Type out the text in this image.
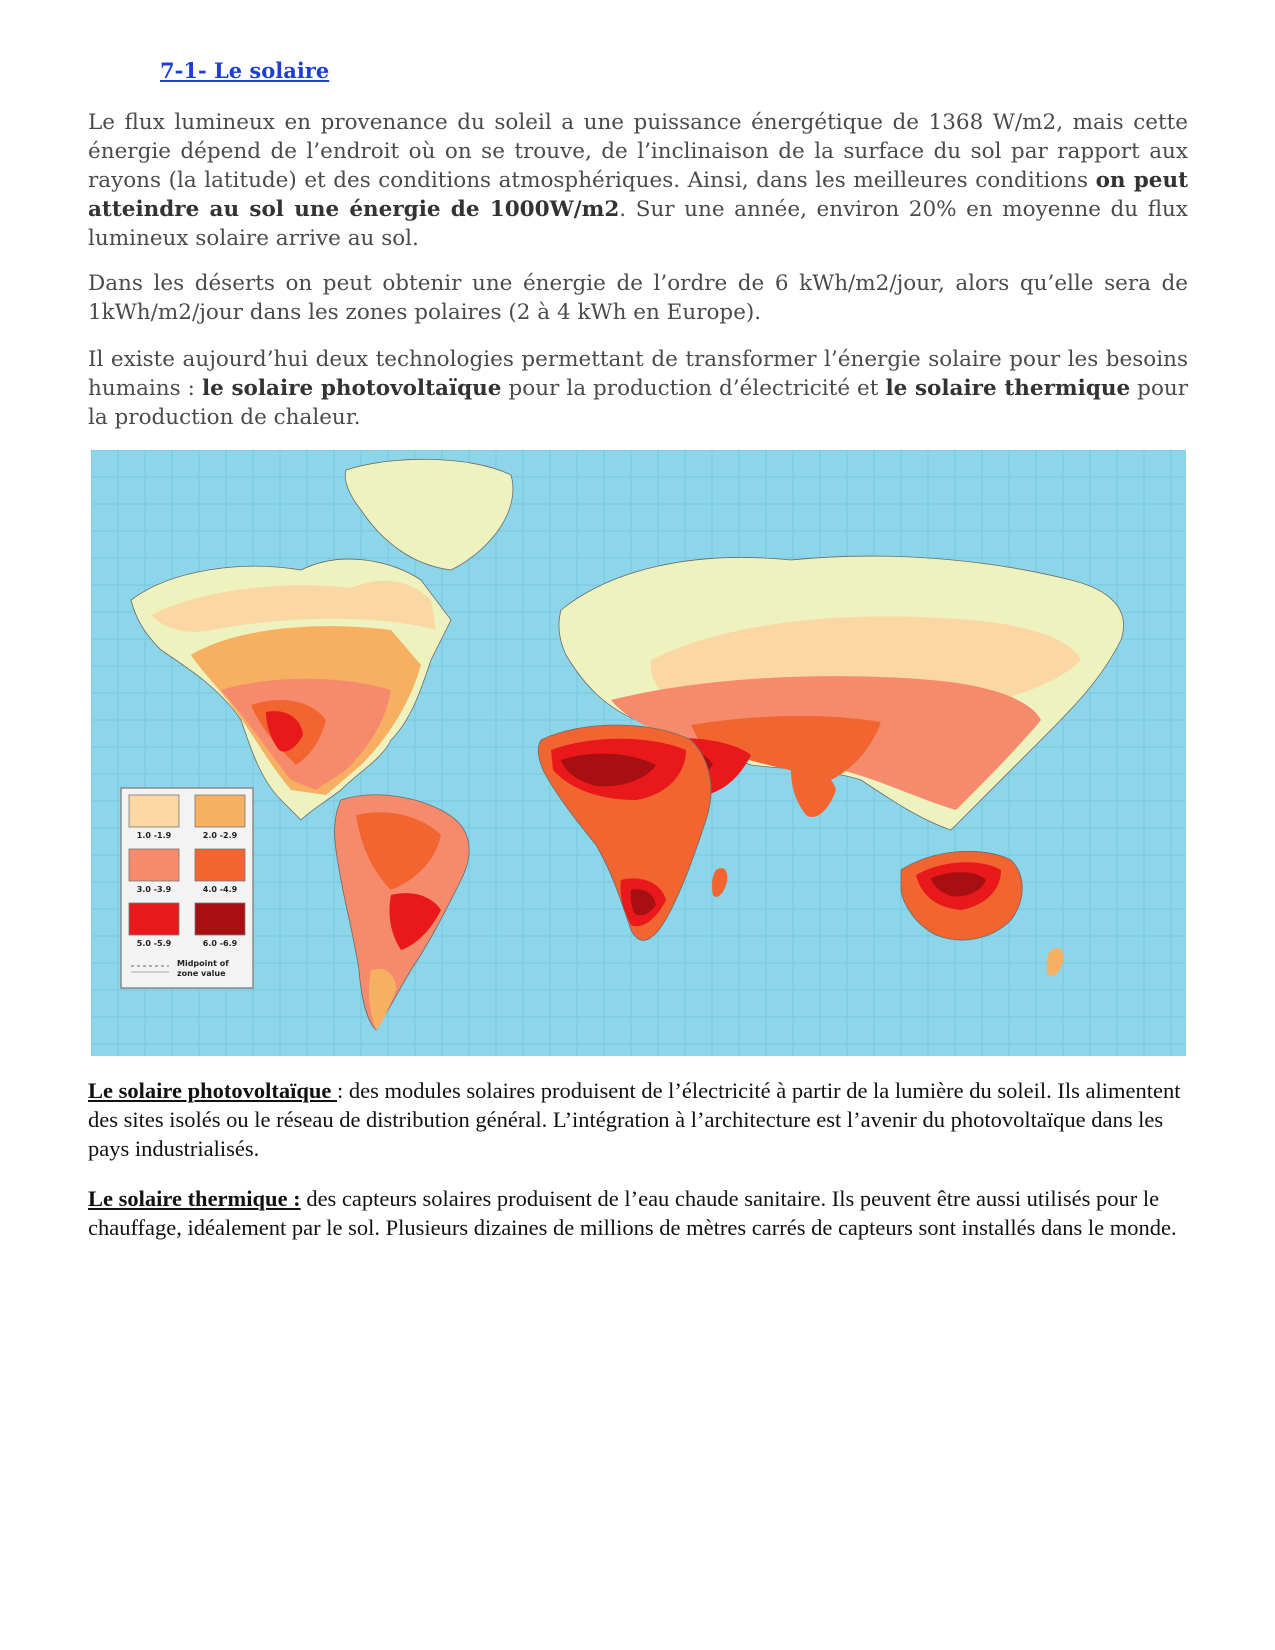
7-1- Le solaire

Le flux lumineux en provenance du soleil a une puissance énergétique de 1368 W/m2, mais cette énergie dépend de l’endroit où on se trouve, de l’inclinaison de la surface du sol par rapport aux rayons (la latitude) et des conditions atmosphériques. Ainsi, dans les meilleures conditions on peut atteindre au sol une énergie de 1000W/m2. Sur une année, environ 20% en moyenne du flux lumineux solaire arrive au sol.

Dans les déserts on peut obtenir une énergie de l’ordre de 6 kWh/m2/jour, alors qu’elle sera de 1kWh/m2/jour dans les zones polaires (2 à 4 kWh en Europe).

Il existe aujourd’hui deux technologies permettant de transformer l’énergie solaire pour les besoins humains : le solaire photovoltaïque pour la production d’électricité et le solaire thermique pour la production de chaleur.

1.0 -1.9	2.0 -2.9
3.0 -3.9	4.0 -4.9
5.0 -5.9	6.0 -6.9
Midpoint of
zone value

Le solaire photovoltaïque : des modules solaires produisent de l’électricité à partir de la lumière du soleil. Ils alimentent des sites isolés ou le réseau de distribution général. L’intégration à l’architecture est l’avenir du photovoltaïque dans les pays industrialisés.

Le solaire thermique : des capteurs solaires produisent de l’eau chaude sanitaire. Ils peuvent être aussi utilisés pour le chauffage, idéalement par le sol. Plusieurs dizaines de millions de mètres carrés de capteurs sont installés dans le monde.
